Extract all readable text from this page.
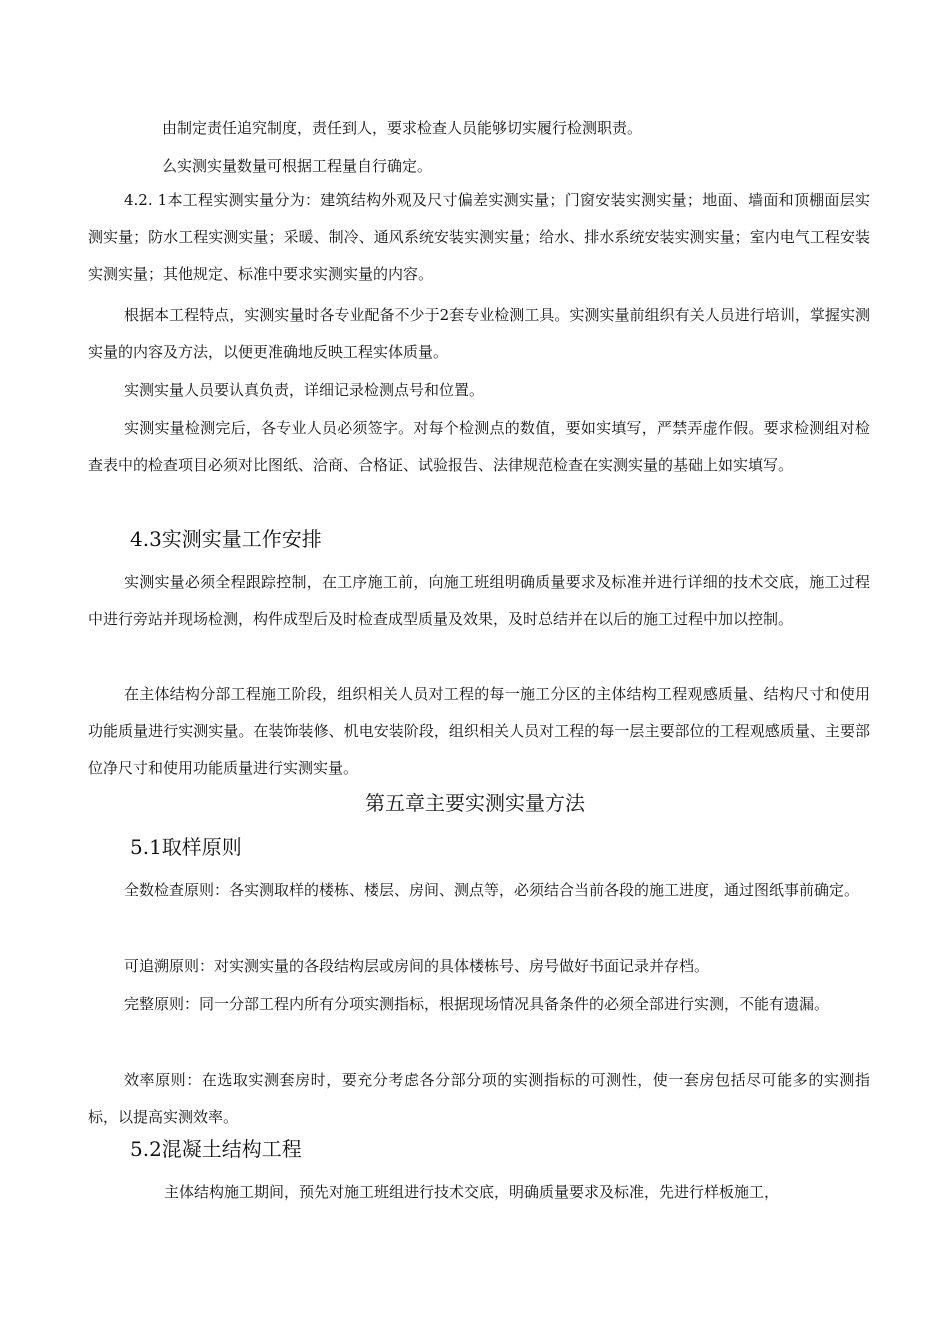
由制定责任追究制度，责任到人，要求检查人员能够切实履行检测职责。

么实测实量数量可根据工程量自行确定。

4.2. 1本工程实测实量分为：建筑结构外观及尺寸偏差实测实量；门窗安装实测实量；地面、墙面和顶棚面层实测实量；防水工程实测实量；采暖、制冷、通风系统安装实测实量；给水、排水系统安装实测实量；室内电气工程安装实测实量；其他规定、标准中要求实测实量的内容。

根据本工程特点，实测实量时各专业配备不少于2套专业检测工具。实测实量前组织有关人员进行培训，掌握实测实量的内容及方法，以便更准确地反映工程实体质量。

实测实量人员要认真负责，详细记录检测点号和位置。

实测实量检测完后，各专业人员必须签字。对每个检测点的数值，要如实填写，严禁弄虚作假。要求检测组对检查表中的检查项目必须对比图纸、洽商、合格证、试验报告、法律规范检查在实测实量的基础上如实填写。

4.3实测实量工作安排

实测实量必须全程跟踪控制，在工序施工前，向施工班组明确质量要求及标准并进行详细的技术交底，施工过程中进行旁站并现场检测，构件成型后及时检查成型质量及效果，及时总结并在以后的施工过程中加以控制。

在主体结构分部工程施工阶段，组织相关人员对工程的每一施工分区的主体结构工程观感质量、结构尺寸和使用功能质量进行实测实量。在装饰装修、机电安装阶段，组织相关人员对工程的每一层主要部位的工程观感质量、主要部位净尺寸和使用功能质量进行实测实量。

第五章主要实测实量方法
5.1取样原则

全数检查原则：各实测取样的楼栋、楼层、房间、测点等，必须结合当前各段的施工进度，通过图纸事前确定。

可追溯原则：对实测实量的各段结构层或房间的具体楼栋号、房号做好书面记录并存档。

完整原则：同一分部工程内所有分项实测指标，根据现场情况具备条件的必须全部进行实测，不能有遗漏。

效率原则：在选取实测套房时，要充分考虑各分部分项的实测指标的可测性，使一套房包括尽可能多的实测指标，以提高实测效率。

5.2混凝土结构工程

主体结构施工期间，预先对施工班组进行技术交底，明确质量要求及标准，先进行样板施工，
